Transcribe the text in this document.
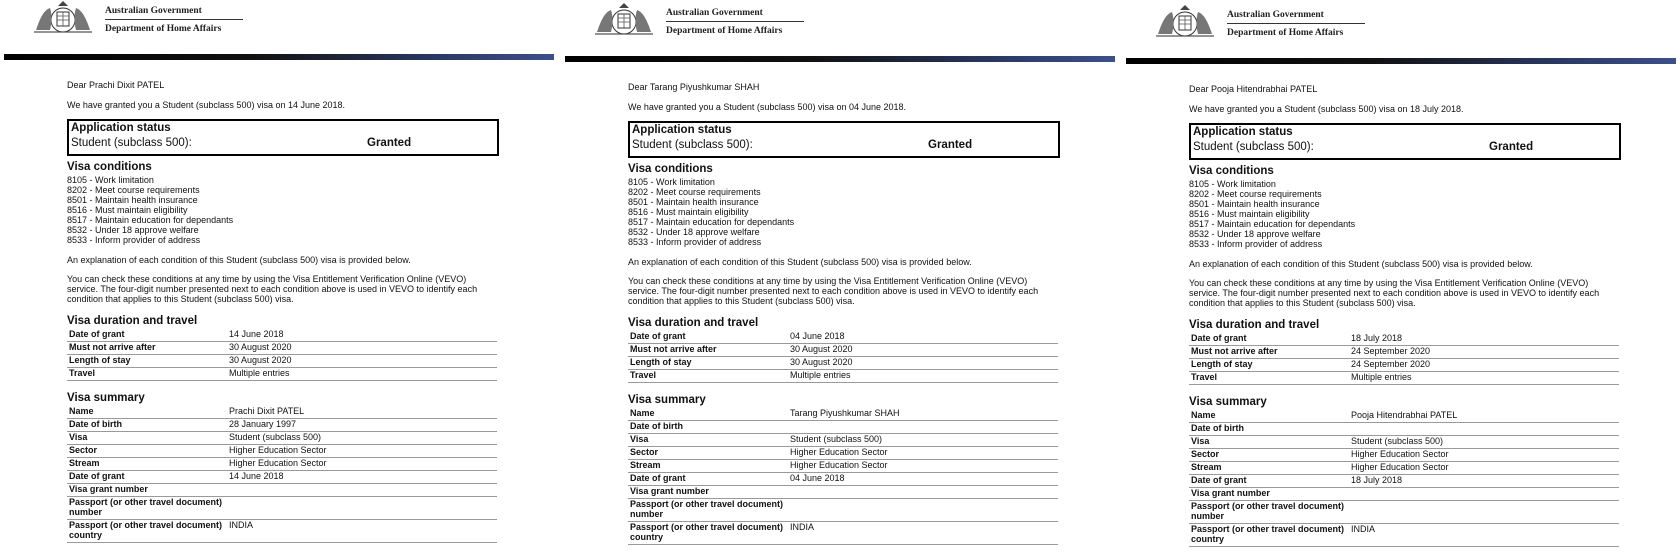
Australian Government
Department of Home Affairs
Dear Prachi Dixit PATEL
We have granted you a Student (subclass 500) visa on 14 June 2018.
Application status
Student (subclass 500):	Granted
Visa conditions
8105 - Work limitation
8202 - Meet course requirements
8501 - Maintain health insurance
8516 - Must maintain eligibility
8517 - Maintain education for dependants
8532 - Under 18 approve welfare
8533 - Inform provider of address
An explanation of each condition of this Student (subclass 500) visa is provided below.
You can check these conditions at any time by using the Visa Entitlement Verification Online (VEVO) service. The four-digit number presented next to each condition above is used in VEVO to identify each condition that applies to this Student (subclass 500) visa.
Visa duration and travel
Date of grant	14 June 2018
Must not arrive after	30 August 2020
Length of stay	30 August 2020
Travel	Multiple entries
Visa summary
Name	Prachi Dixit PATEL
Date of birth	28 January 1997
Visa	Student (subclass 500)
Sector	Higher Education Sector
Stream	Higher Education Sector
Date of grant	14 June 2018
Visa grant number	
Passport (or other travel document) number	
Passport (or other travel document) country	INDIA
Australian Government
Department of Home Affairs
Dear Tarang Piyushkumar SHAH
We have granted you a Student (subclass 500) visa on 04 June 2018.
Application status
Student (subclass 500):	Granted
Visa conditions
8105 - Work limitation
8202 - Meet course requirements
8501 - Maintain health insurance
8516 - Must maintain eligibility
8517 - Maintain education for dependants
8532 - Under 18 approve welfare
8533 - Inform provider of address
An explanation of each condition of this Student (subclass 500) visa is provided below.
You can check these conditions at any time by using the Visa Entitlement Verification Online (VEVO) service. The four-digit number presented next to each condition above is used in VEVO to identify each condition that applies to this Student (subclass 500) visa.
Visa duration and travel
Date of grant	04 June 2018
Must not arrive after	30 August 2020
Length of stay	30 August 2020
Travel	Multiple entries
Visa summary
Name	Tarang Piyushkumar SHAH
Date of birth	
Visa	Student (subclass 500)
Sector	Higher Education Sector
Stream	Higher Education Sector
Date of grant	04 June 2018
Visa grant number	
Passport (or other travel document) number	
Passport (or other travel document) country	INDIA
Australian Government
Department of Home Affairs
Dear Pooja Hitendrabhai PATEL
We have granted you a Student (subclass 500) visa on 18 July 2018.
Application status
Student (subclass 500):	Granted
Visa conditions
8105 - Work limitation
8202 - Meet course requirements
8501 - Maintain health insurance
8516 - Must maintain eligibility
8517 - Maintain education for dependants
8532 - Under 18 approve welfare
8533 - Inform provider of address
An explanation of each condition of this Student (subclass 500) visa is provided below.
You can check these conditions at any time by using the Visa Entitlement Verification Online (VEVO) service. The four-digit number presented next to each condition above is used in VEVO to identify each condition that applies to this Student (subclass 500) visa.
Visa duration and travel
Date of grant	18 July 2018
Must not arrive after	24 September 2020
Length of stay	24 September 2020
Travel	Multiple entries
Visa summary
Name	Pooja Hitendrabhai PATEL
Date of birth	
Visa	Student (subclass 500)
Sector	Higher Education Sector
Stream	Higher Education Sector
Date of grant	18 July 2018
Visa grant number	
Passport (or other travel document) number	
Passport (or other travel document) country	INDIA
